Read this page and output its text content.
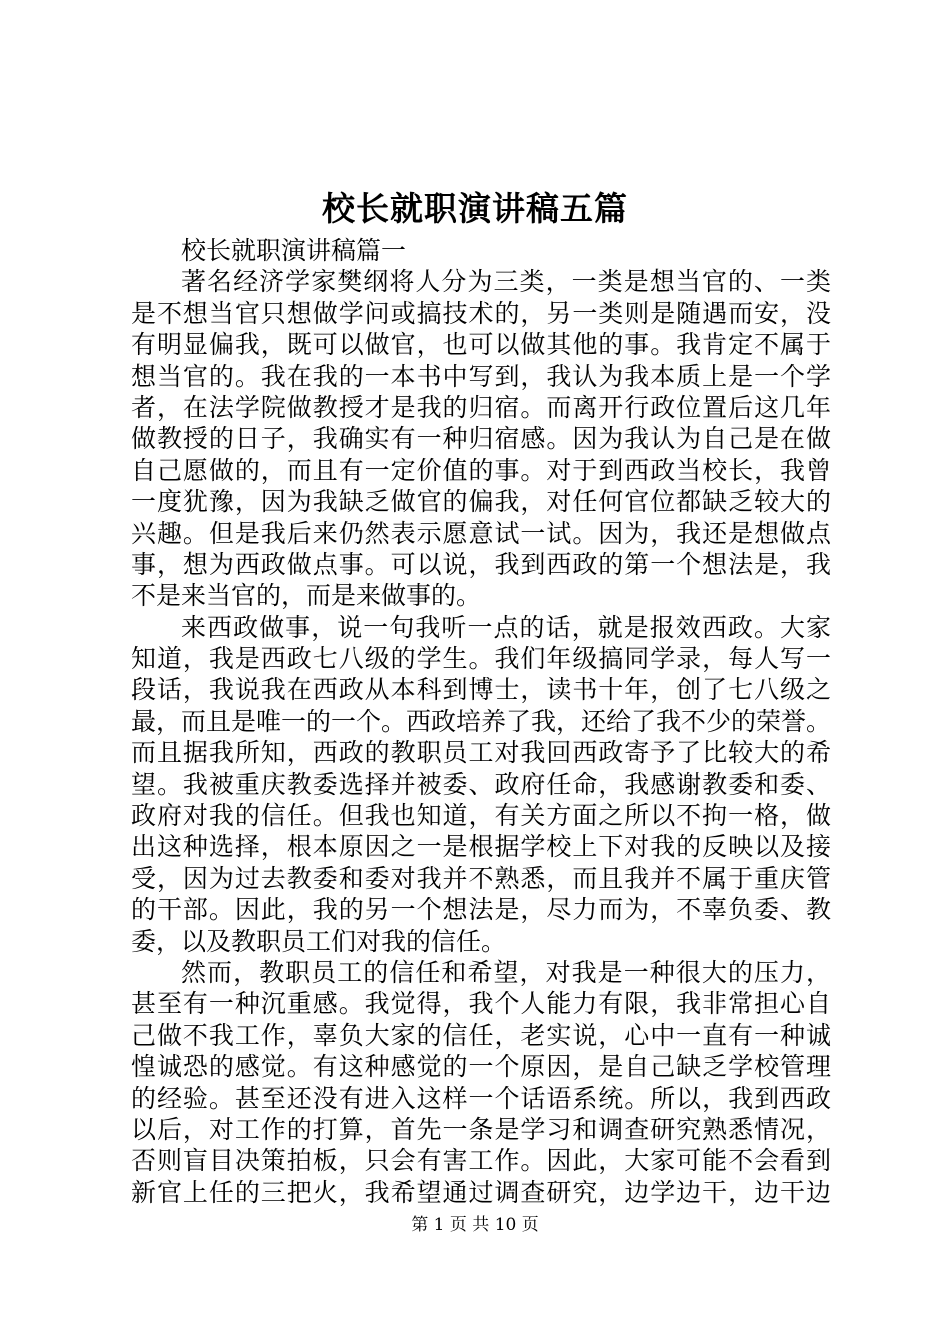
校长就职演讲稿五篇
校长就职演讲稿篇一
著名经济学家樊纲将人分为三类，一类是想当官的、一类
是不想当官只想做学问或搞技术的，另一类则是随遇而安，没
有明显偏我，既可以做官，也可以做其他的事。我肯定不属于
想当官的。我在我的一本书中写到，我认为我本质上是一个学
者，在法学院做教授才是我的归宿。而离开行政位置后这几年
做教授的日子，我确实有一种归宿感。因为我认为自己是在做
自己愿做的，而且有一定价值的事。对于到西政当校长，我曾
一度犹豫，因为我缺乏做官的偏我，对任何官位都缺乏较大的
兴趣。但是我后来仍然表示愿意试一试。因为，我还是想做点
事，想为西政做点事。可以说，我到西政的第一个想法是，我
不是来当官的，而是来做事的。
来西政做事，说一句我听一点的话，就是报效西政。大家
知道，我是西政七八级的学生。我们年级搞同学录，每人写一
段话，我说我在西政从本科到博士，读书十年，创了七八级之
最，而且是唯一的一个。西政培养了我，还给了我不少的荣誉。
而且据我所知，西政的教职员工对我回西政寄予了比较大的希
望。我被重庆教委选择并被委、政府任命，我感谢教委和委、
政府对我的信任。但我也知道，有关方面之所以不拘一格，做
出这种选择，根本原因之一是根据学校上下对我的反映以及接
受，因为过去教委和委对我并不熟悉，而且我并不属于重庆管
的干部。因此，我的另一个想法是，尽力而为，不辜负委、教
委，以及教职员工们对我的信任。
然而，教职员工的信任和希望，对我是一种很大的压力，
甚至有一种沉重感。我觉得，我个人能力有限，我非常担心自
己做不我工作，辜负大家的信任，老实说，心中一直有一种诚
惶诚恐的感觉。有这种感觉的一个原因，是自己缺乏学校管理
的经验。甚至还没有进入这样一个话语系统。所以，我到西政
以后，对工作的打算，首先一条是学习和调查研究熟悉情况，
否则盲目决策拍板，只会有害工作。因此，大家可能不会看到
新官上任的三把火，我希望通过调查研究，边学边干，边干边
第 1 页 共 10 页
